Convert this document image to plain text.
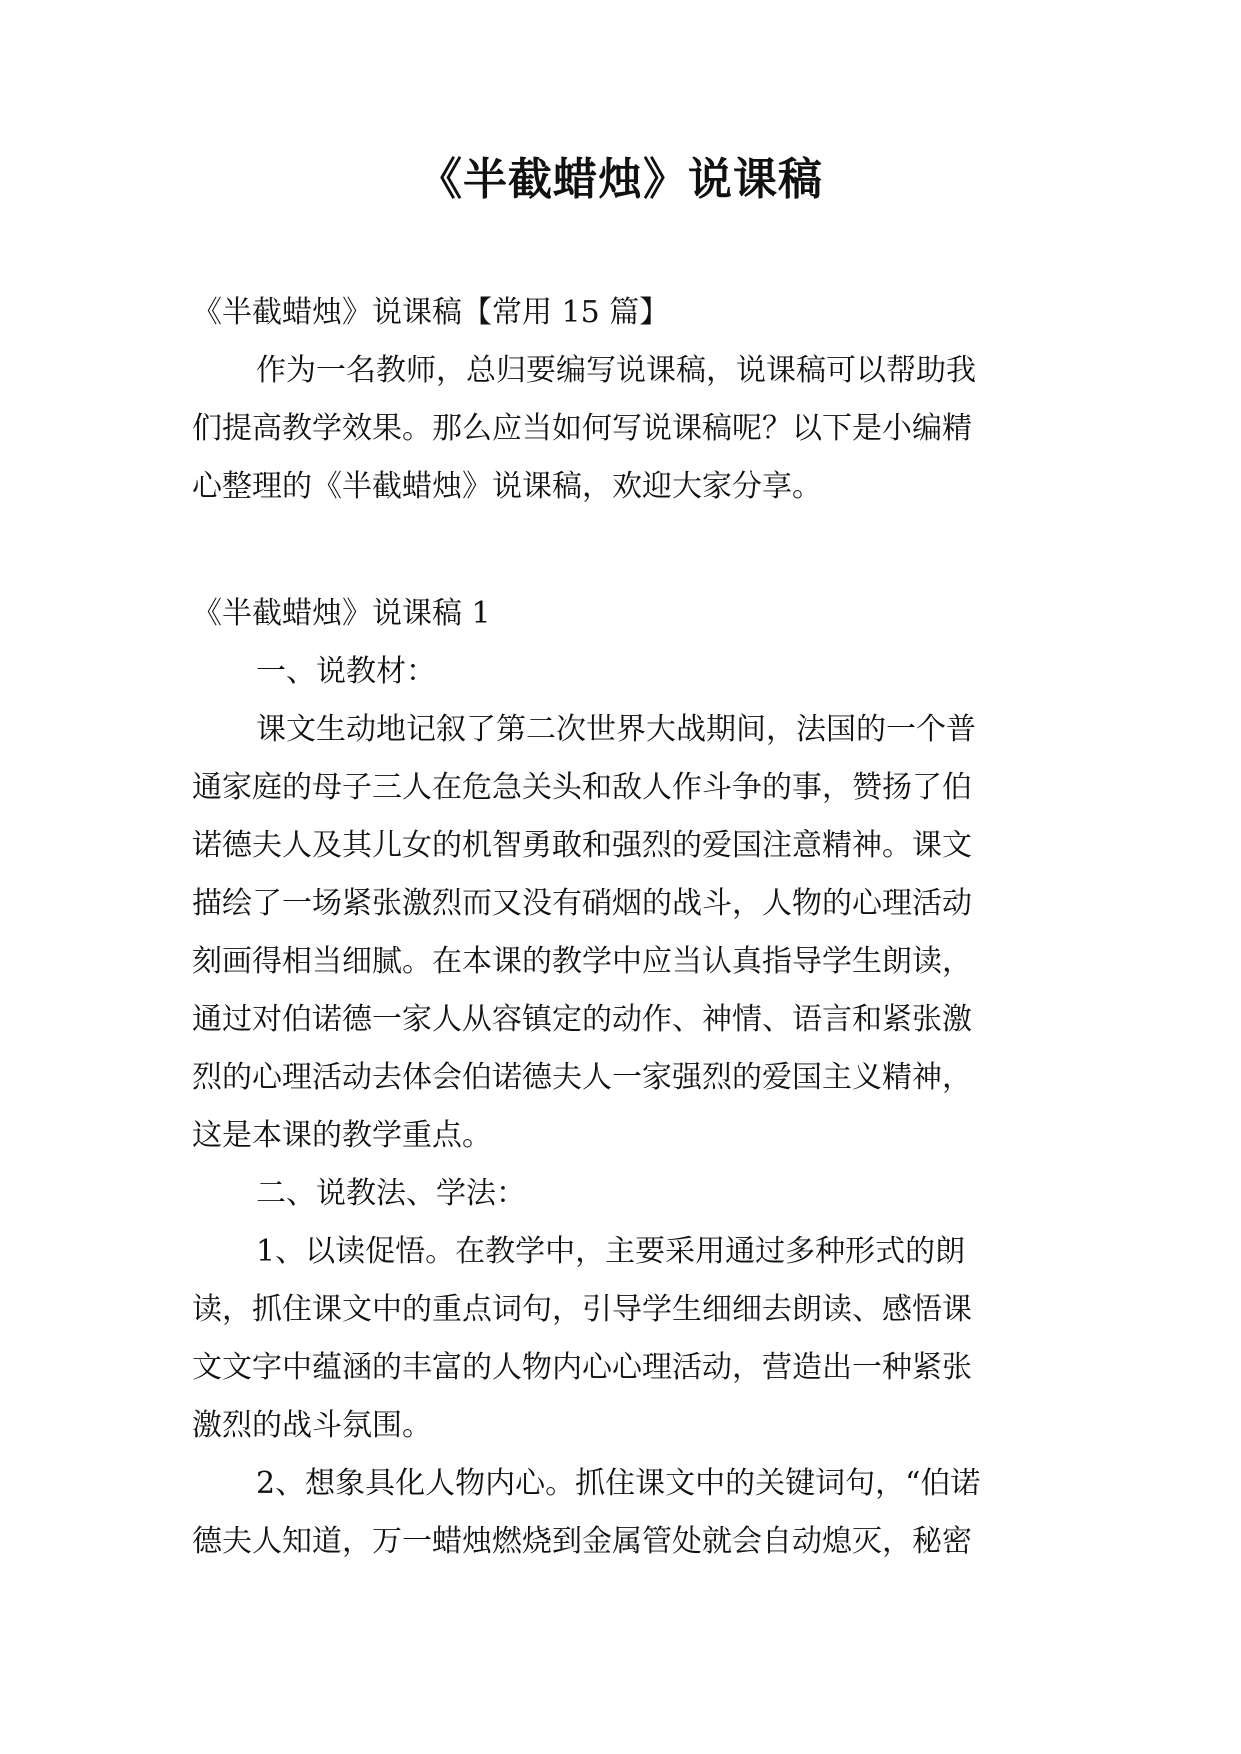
《半截蜡烛》说课稿
《半截蜡烛》说课稿【常用 15 篇】
作为一名教师，总归要编写说课稿，说课稿可以帮助我
们提高教学效果。那么应当如何写说课稿呢？以下是小编精
心整理的《半截蜡烛》说课稿，欢迎大家分享。
《半截蜡烛》说课稿 1
一、说教材：
课文生动地记叙了第二次世界大战期间，法国的一个普
通家庭的母子三人在危急关头和敌人作斗争的事，赞扬了伯
诺德夫人及其儿女的机智勇敢和强烈的爱国注意精神。课文
描绘了一场紧张激烈而又没有硝烟的战斗，人物的心理活动
刻画得相当细腻。在本课的教学中应当认真指导学生朗读，
通过对伯诺德一家人从容镇定的动作、神情、语言和紧张激
烈的心理活动去体会伯诺德夫人一家强烈的爱国主义精神，
这是本课的教学重点。
二、说教法、学法：
1、以读促悟。在教学中，主要采用通过多种形式的朗
读，抓住课文中的重点词句，引导学生细细去朗读、感悟课
文文字中蕴涵的丰富的人物内心心理活动，营造出一种紧张
激烈的战斗氛围。
2、想象具化人物内心。抓住课文中的关键词句，“伯诺
德夫人知道，万一蜡烛燃烧到金属管处就会自动熄灭，秘密
